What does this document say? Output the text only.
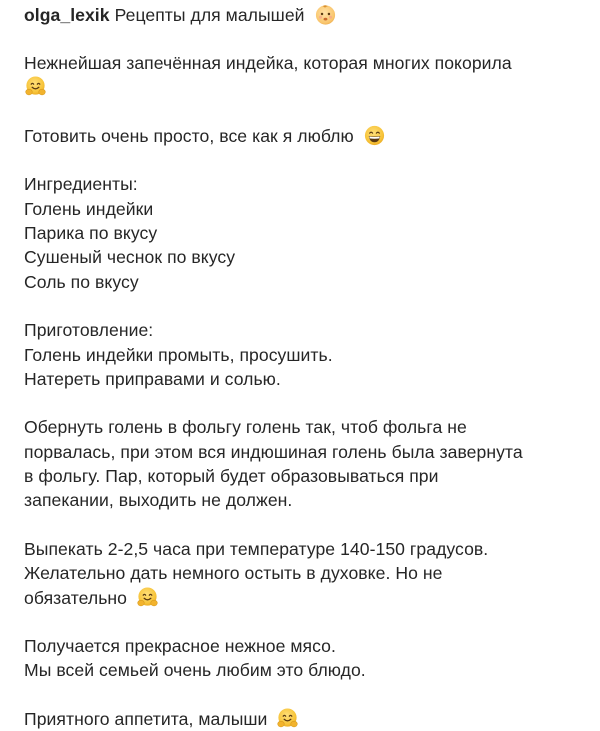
olga_lexik Рецепты для малышей
Нежнейшая запечённая индейка, которая многих покорила
Готовить очень просто, все как я люблю
Ингредиенты:
Голень индейки
Парика по вкусу
Сушеный чеснок по вкусу
Соль по вкусу
Приготовление:
Голень индейки промыть, просушить.
Натереть приправами и солью.
Обернуть голень в фольгу голень так, чтоб фольга не
порвалась, при этом вся индюшиная голень была завернута
в фольгу. Пар, который будет образовываться при
запекании, выходить не должен.
Выпекать 2-2,5 часа при температуре 140-150 градусов.
Желательно дать немного остыть в духовке. Но не
обязательно
Получается прекрасное нежное мясо.
Мы всей семьей очень любим это блюдо.
Приятного аппетита, малыши
